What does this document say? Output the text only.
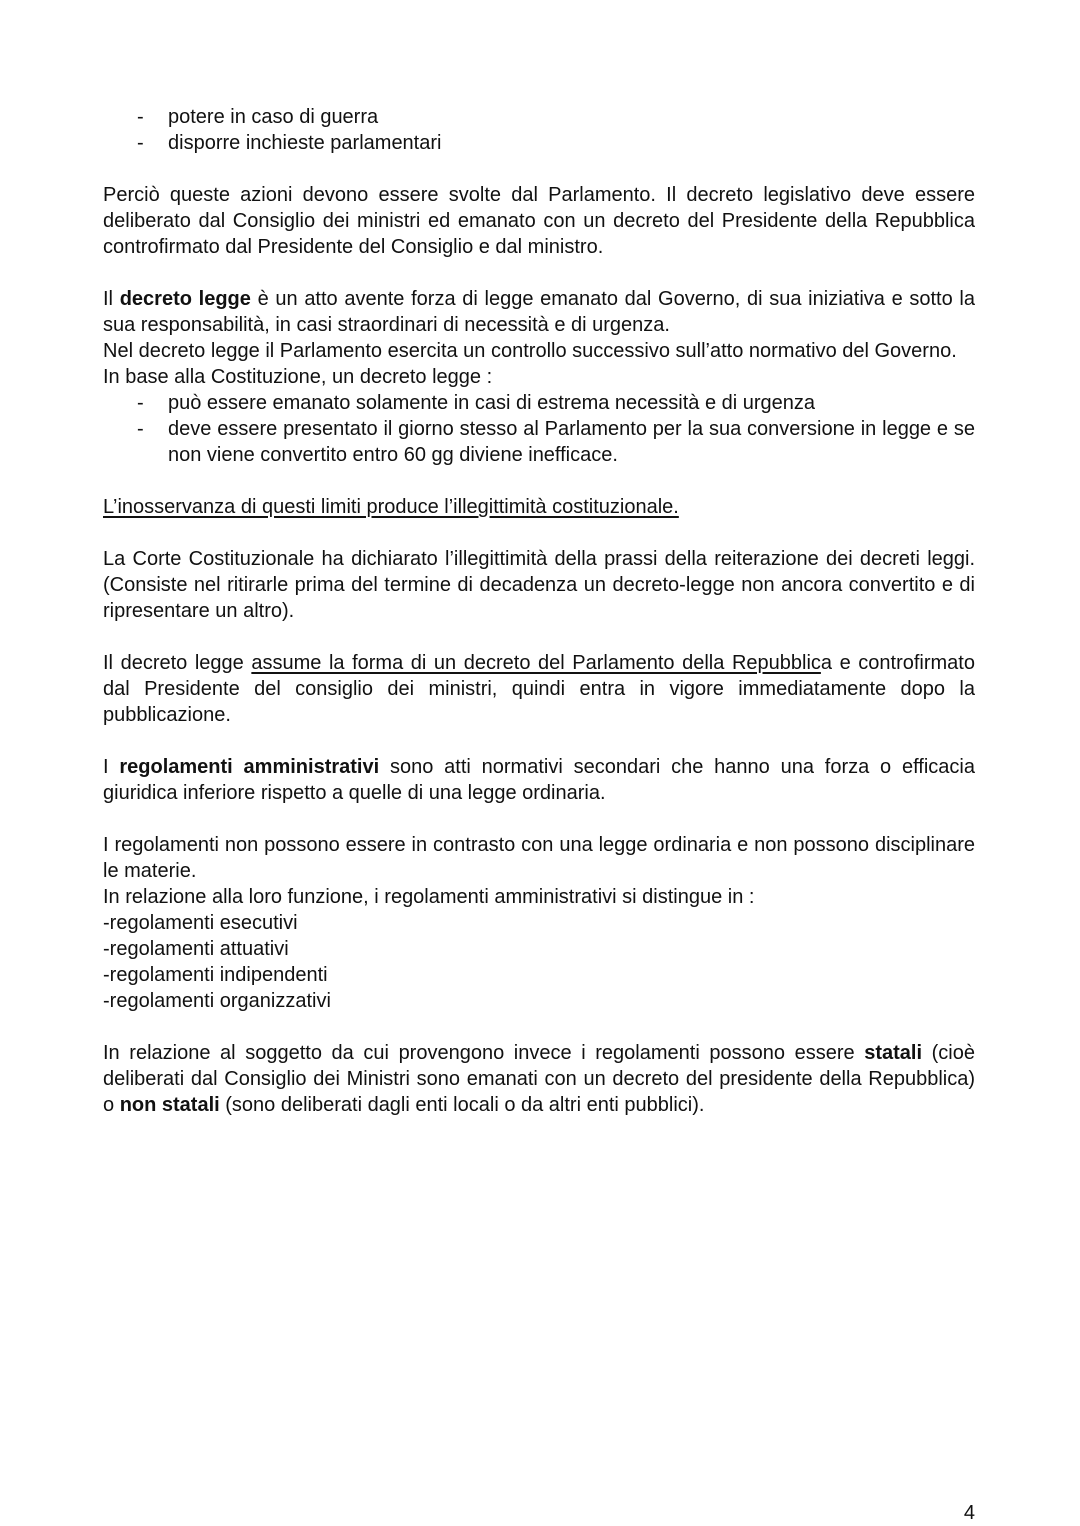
- potere in caso di guerra
- disporre inchieste parlamentari
Perciò queste azioni devono essere svolte dal Parlamento. Il decreto legislativo deve essere deliberato dal Consiglio dei ministri ed emanato con un decreto del Presidente della Repubblica controfirmato dal Presidente del Consiglio e dal ministro.
Il decreto legge è un atto avente forza di legge emanato dal Governo, di sua iniziativa e sotto la sua responsabilità, in casi straordinari di necessità e di urgenza.
Nel decreto legge il Parlamento esercita un controllo successivo sull’atto normativo del Governo.
In base alla Costituzione, un decreto legge :
- può essere emanato solamente in casi di estrema necessità e di urgenza
- deve essere presentato il giorno stesso al Parlamento per la sua conversione in legge e se non viene convertito entro 60 gg diviene inefficace.
L’inosservanza di questi limiti produce l’illegittimità costituzionale.
La Corte Costituzionale ha dichiarato l’illegittimità della prassi della reiterazione dei decreti leggi.(Consiste nel ritirarle prima del termine di decadenza un decreto-legge non ancora convertito e di ripresentare un altro).
Il decreto legge assume la forma di un decreto del Parlamento della Repubblica e controfirmato dal Presidente del consiglio dei ministri, quindi entra in vigore immediatamente dopo la pubblicazione.
I regolamenti amministrativi sono atti normativi secondari che hanno una forza o efficacia giuridica inferiore rispetto a quelle di una legge ordinaria.
I regolamenti non possono essere in contrasto con una legge ordinaria e non possono disciplinare le materie.
In relazione alla loro funzione, i regolamenti amministrativi si distingue in :
-regolamenti esecutivi
-regolamenti attuativi
-regolamenti indipendenti
-regolamenti organizzativi
In relazione al soggetto da cui provengono invece i regolamenti possono essere statali (cioè deliberati dal Consiglio dei Ministri sono emanati con un decreto del presidente della Repubblica) o non statali (sono deliberati dagli enti locali o da altri enti pubblici).
4
